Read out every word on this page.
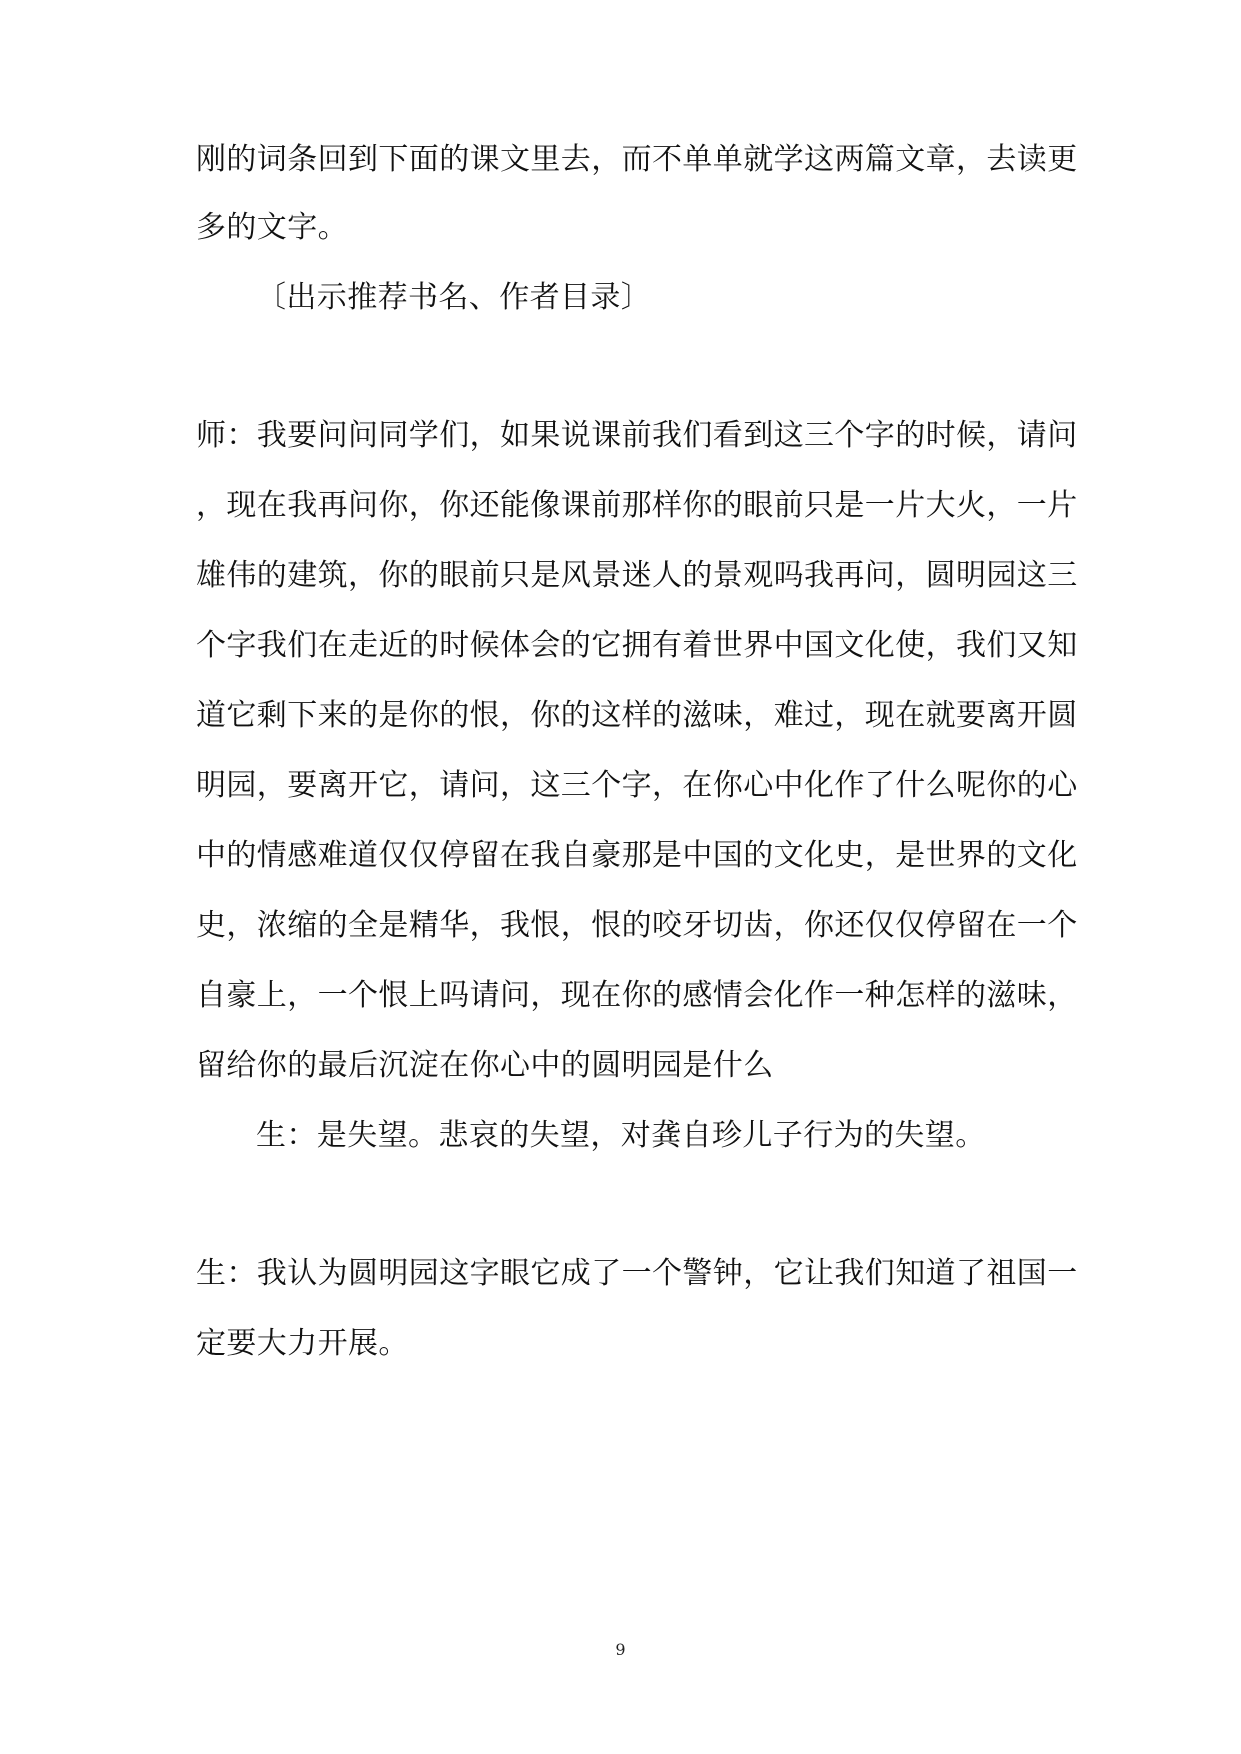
刚的词条回到下面的课文里去，而不单单就学这两篇文章，去读更

多的文字。

〔出示推荐书名、作者目录〕

师：我要问问同学们，如果说课前我们看到这三个字的时候，请问

，现在我再问你，你还能像课前那样你的眼前只是一片大火，一片

雄伟的建筑，你的眼前只是风景迷人的景观吗我再问，圆明园这三

个字我们在走近的时候体会的它拥有着世界中国文化使，我们又知

道它剩下来的是你的恨，你的这样的滋味，难过，现在就要离开圆

明园，要离开它，请问，这三个字，在你心中化作了什么呢你的心

中的情感难道仅仅停留在我自豪那是中国的文化史，是世界的文化

史，浓缩的全是精华，我恨，恨的咬牙切齿，你还仅仅停留在一个

自豪上，一个恨上吗请问，现在你的感情会化作一种怎样的滋味，

留给你的最后沉淀在你心中的圆明园是什么

生：是失望。悲哀的失望，对龚自珍儿子行为的失望。

生：我认为圆明园这字眼它成了一个警钟，它让我们知道了祖国一

定要大力开展。

9
